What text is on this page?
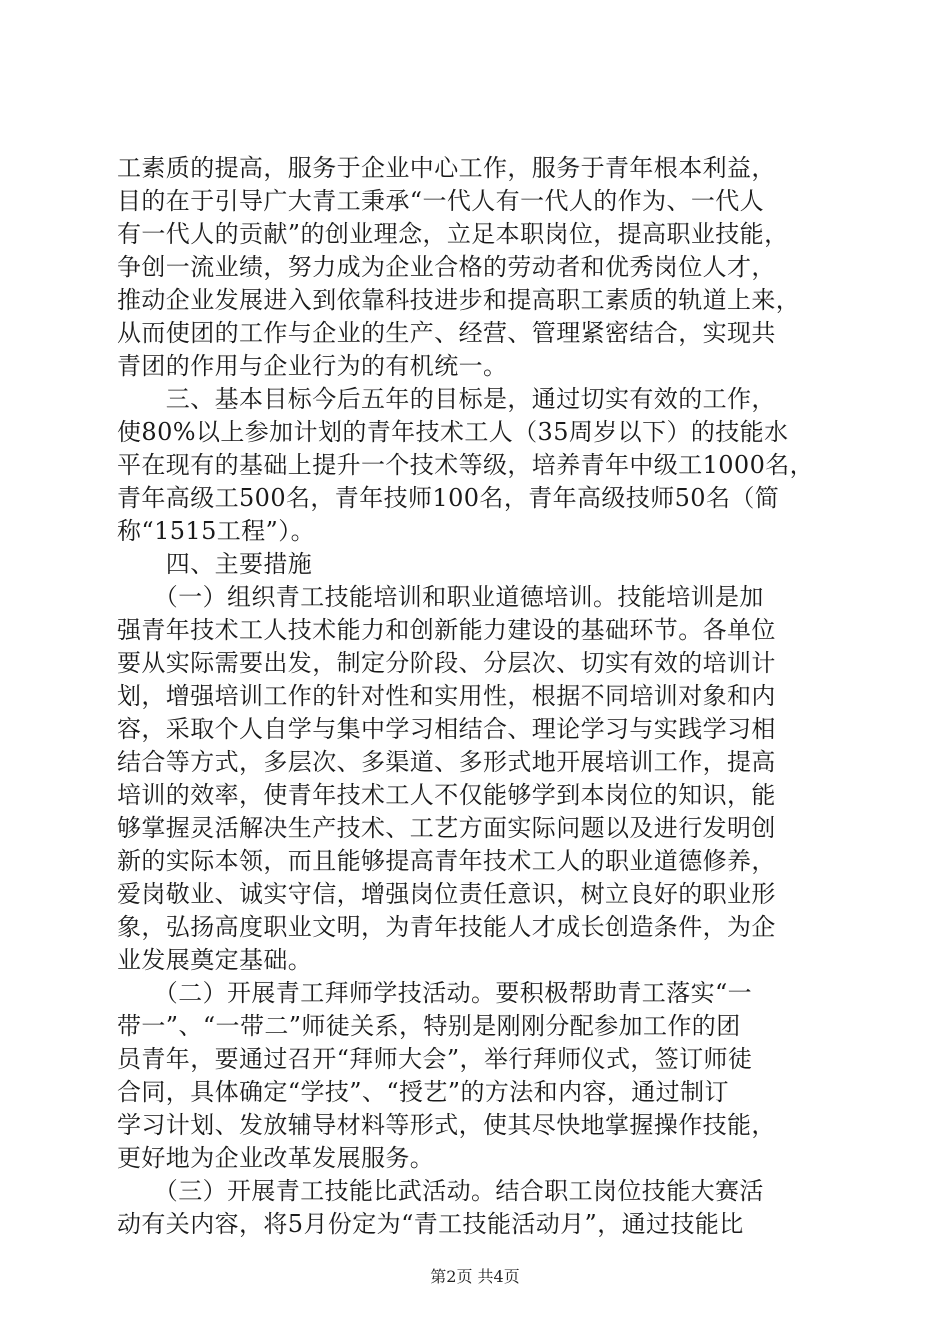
工素质的提高，服务于企业中心工作，服务于青年根本利益，
目的在于引导广大青工秉承“一代人有一代人的作为、一代人
有一代人的贡献”的创业理念，立足本职岗位，提高职业技能，
争创一流业绩，努力成为企业合格的劳动者和优秀岗位人才，
推动企业发展进入到依靠科技进步和提高职工素质的轨道上来，
从而使团的工作与企业的生产、经营、管理紧密结合，实现共
青团的作用与企业行为的有机统一。
　　三、基本目标今后五年的目标是，通过切实有效的工作，
使80%以上参加计划的青年技术工人（35周岁以下）的技能水
平在现有的基础上提升一个技术等级，培养青年中级工1000名，
青年高级工500名，青年技师100名，青年高级技师50名（简
称“1515工程”）。
　　四、主要措施
　　（一）组织青工技能培训和职业道德培训。技能培训是加
强青年技术工人技术能力和创新能力建设的基础环节。各单位
要从实际需要出发，制定分阶段、分层次、切实有效的培训计
划，增强培训工作的针对性和实用性，根据不同培训对象和内
容，采取个人自学与集中学习相结合、理论学习与实践学习相
结合等方式，多层次、多渠道、多形式地开展培训工作，提高
培训的效率，使青年技术工人不仅能够学到本岗位的知识，能
够掌握灵活解决生产技术、工艺方面实际问题以及进行发明创
新的实际本领，而且能够提高青年技术工人的职业道德修养，
爱岗敬业、诚实守信，增强岗位责任意识，树立良好的职业形
象，弘扬高度职业文明，为青年技能人才成长创造条件，为企
业发展奠定基础。
　　（二）开展青工拜师学技活动。要积极帮助青工落实“一
带一”、“一带二”师徒关系，特别是刚刚分配参加工作的团
员青年，要通过召开“拜师大会”，举行拜师仪式，签订师徒
合同，具体确定“学技”、“授艺”的方法和内容，通过制订
学习计划、发放辅导材料等形式，使其尽快地掌握操作技能，
更好地为企业改革发展服务。
　　（三）开展青工技能比武活动。结合职工岗位技能大赛活
动有关内容，将5月份定为“青工技能活动月”，通过技能比
第2页 共4页
